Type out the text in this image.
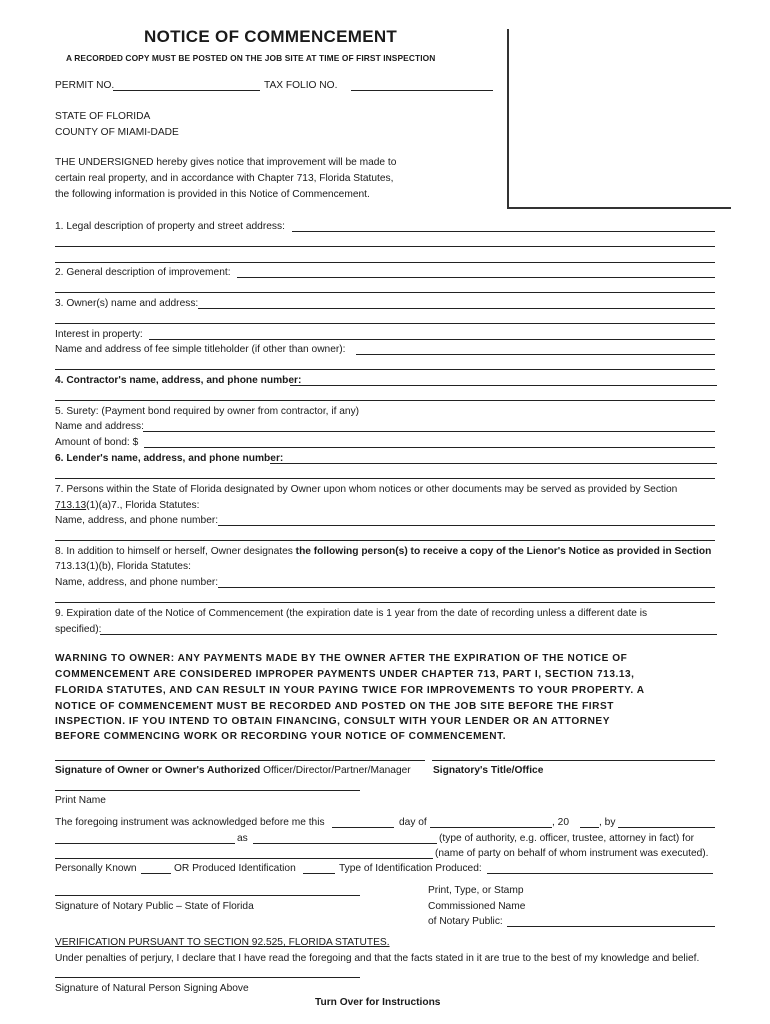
NOTICE OF COMMENCEMENT
A RECORDED COPY MUST BE POSTED ON THE JOB SITE AT TIME OF FIRST INSPECTION
PERMIT NO.	TAX FOLIO NO.
STATE OF FLORIDA
COUNTY OF MIAMI-DADE
THE UNDERSIGNED hereby gives notice that improvement will be made to
certain real property, and in accordance with Chapter 713, Florida Statutes,
the following information is provided in this Notice of Commencement.
1. Legal description of property and street address:
2. General description of improvement:
3. Owner(s) name and address:
Interest in property:
Name and address of fee simple titleholder (if other than owner):
4. Contractor's name, address, and phone number:
5. Surety: (Payment bond required by owner from contractor, if any)
Name and address:
Amount of bond: $
6. Lender's name, address, and phone number:
7. Persons within the State of Florida designated by Owner upon whom notices or other documents may be served as provided by Section
713.13(1)(a)7., Florida Statutes:
Name, address, and phone number:
8. In addition to himself or herself, Owner designates the following person(s) to receive a copy of the Lienor's Notice as provided in Section
713.13(1)(b), Florida Statutes:
Name, address, and phone number:
9. Expiration date of the Notice of Commencement (the expiration date is 1 year from the date of recording unless a different date is
specified):
WARNING TO OWNER: ANY PAYMENTS MADE BY THE OWNER AFTER THE EXPIRATION OF THE NOTICE OF
COMMENCEMENT ARE CONSIDERED IMPROPER PAYMENTS UNDER CHAPTER 713, PART I, SECTION 713.13,
FLORIDA STATUTES, AND CAN RESULT IN YOUR PAYING TWICE FOR IMPROVEMENTS TO YOUR PROPERTY. A
NOTICE OF COMMENCEMENT MUST BE RECORDED AND POSTED ON THE JOB SITE BEFORE THE FIRST
INSPECTION. IF YOU INTEND TO OBTAIN FINANCING, CONSULT WITH YOUR LENDER OR AN ATTORNEY
BEFORE COMMENCING WORK OR RECORDING YOUR NOTICE OF COMMENCEMENT.
Signature of Owner or Owner's Authorized Officer/Director/Partner/Manager Signatory's Title/Office
Print Name
The foregoing instrument was acknowledged before me this	day of	, 20	, by
as	(type of authority, e.g. officer, trustee, attorney in fact) for
(name of party on behalf of whom instrument was executed).
Personally Known	OR Produced Identification	Type of Identification Produced:
Signature of Notary Public – State of Florida
Print, Type, or Stamp
Commissioned Name
of Notary Public:
VERIFICATION PURSUANT TO SECTION 92.525, FLORIDA STATUTES.
Under penalties of perjury, I declare that I have read the foregoing and that the facts stated in it are true to the best of my knowledge and belief.
Signature of Natural Person Signing Above
Turn Over for Instructions
